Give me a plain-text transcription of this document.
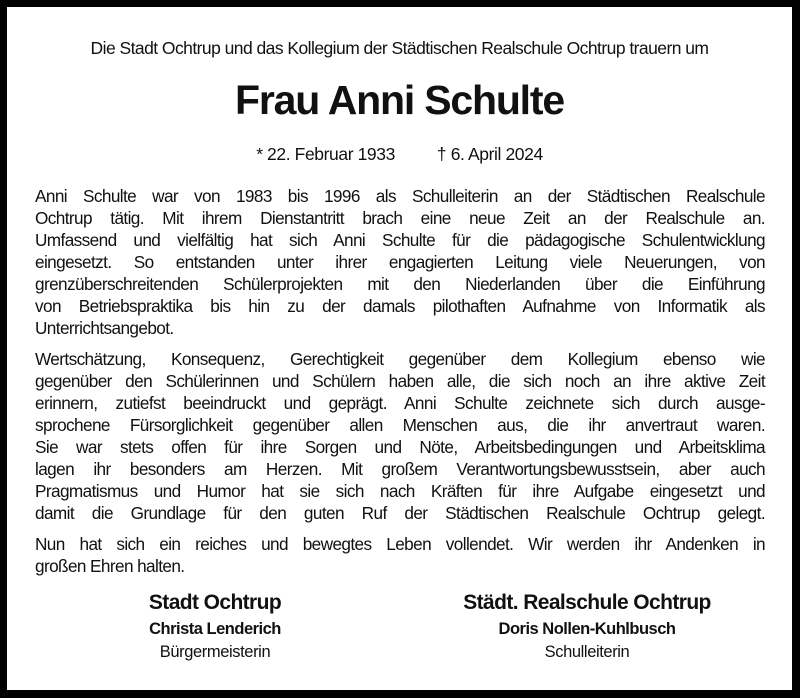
Die Stadt Ochtrup und das Kollegium der Städtischen Realschule Ochtrup trauern um
Frau Anni Schulte
* 22. Februar 1933 † 6. April 2024

Anni Schulte war von 1983 bis 1996 als Schulleiterin an der Städtischen Realschule
Ochtrup tätig. Mit ihrem Dienstantritt brach eine neue Zeit an der Realschule an.
Umfassend und vielfältig hat sich Anni Schulte für die pädagogische Schulentwicklung
eingesetzt. So entstanden unter ihrer engagierten Leitung viele Neuerungen, von
grenzüberschreitenden Schülerprojekten mit den Niederlanden über die Einführung
von Betriebspraktika bis hin zu der damals pilothaften Aufnahme von Informatik als
Unterrichtsangebot.

Wertschätzung, Konsequenz, Gerechtigkeit gegenüber dem Kollegium ebenso wie
gegenüber den Schülerinnen und Schülern haben alle, die sich noch an ihre aktive Zeit
erinnern, zutiefst beeindruckt und geprägt. Anni Schulte zeichnete sich durch ausge-
sprochene Fürsorglichkeit gegenüber allen Menschen aus, die ihr anvertraut waren.
Sie war stets offen für ihre Sorgen und Nöte, Arbeitsbedingungen und Arbeitsklima
lagen ihr besonders am Herzen. Mit großem Verantwortungsbewusstsein, aber auch
Pragmatismus und Humor hat sie sich nach Kräften für ihre Aufgabe eingesetzt und
damit die Grundlage für den guten Ruf der Städtischen Realschule Ochtrup gelegt.

Nun hat sich ein reiches und bewegtes Leben vollendet. Wir werden ihr Andenken in
großen Ehren halten.

Stadt Ochtrup
Christa Lenderich
Bürgermeisterin
Städt. Realschule Ochtrup
Doris Nollen-Kuhlbusch
Schulleiterin
